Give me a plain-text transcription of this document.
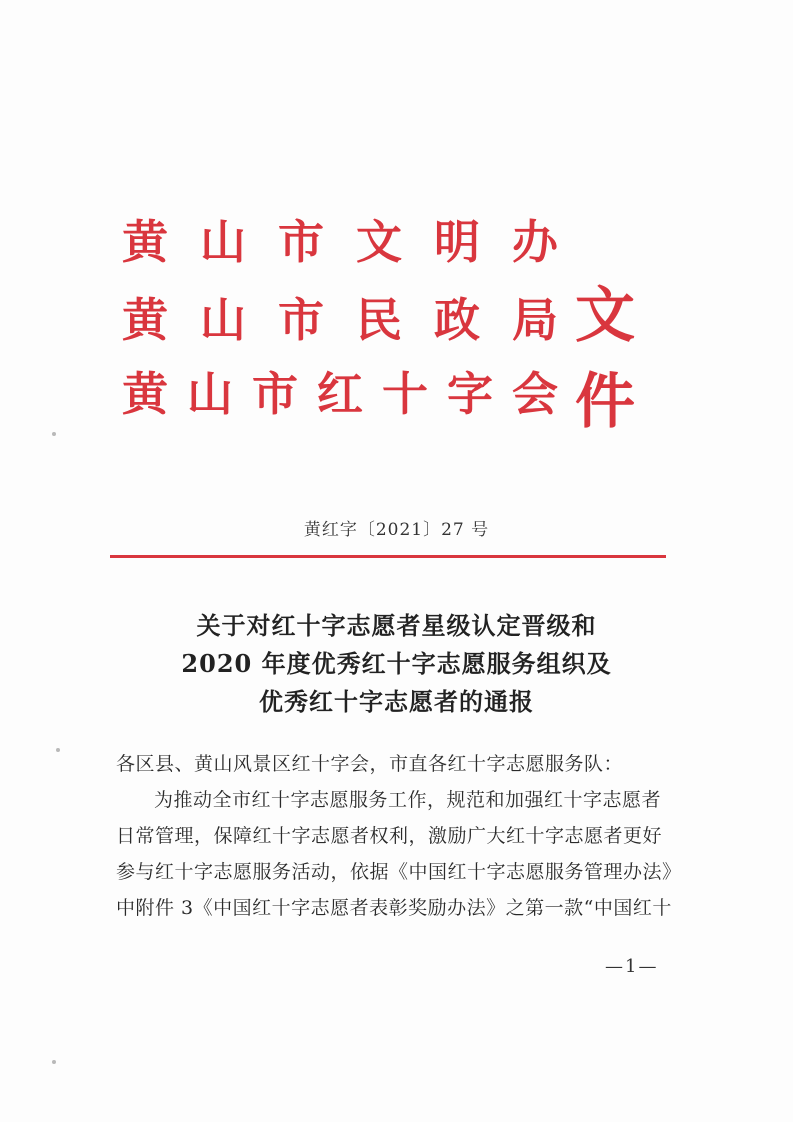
黄 山 市 文 明 办
黄 山 市 民 政 局
黄 山 市 红 十 字 会
文件
黄红字〔2021〕27 号
关于对红十字志愿者星级认定晋级和
2020 年度优秀红十字志愿服务组织及
优秀红十字志愿者的通报
各区县、黄山风景区红十字会，市直各红十字志愿服务队：
为推动全市红十字志愿服务工作，规范和加强红十字志愿者
日常管理，保障红十字志愿者权利，激励广大红十字志愿者更好
参与红十字志愿服务活动，依据《中国红十字志愿服务管理办法》
中附件 3《中国红十字志愿者表彰奖励办法》之第一款“中国红十
—1—
